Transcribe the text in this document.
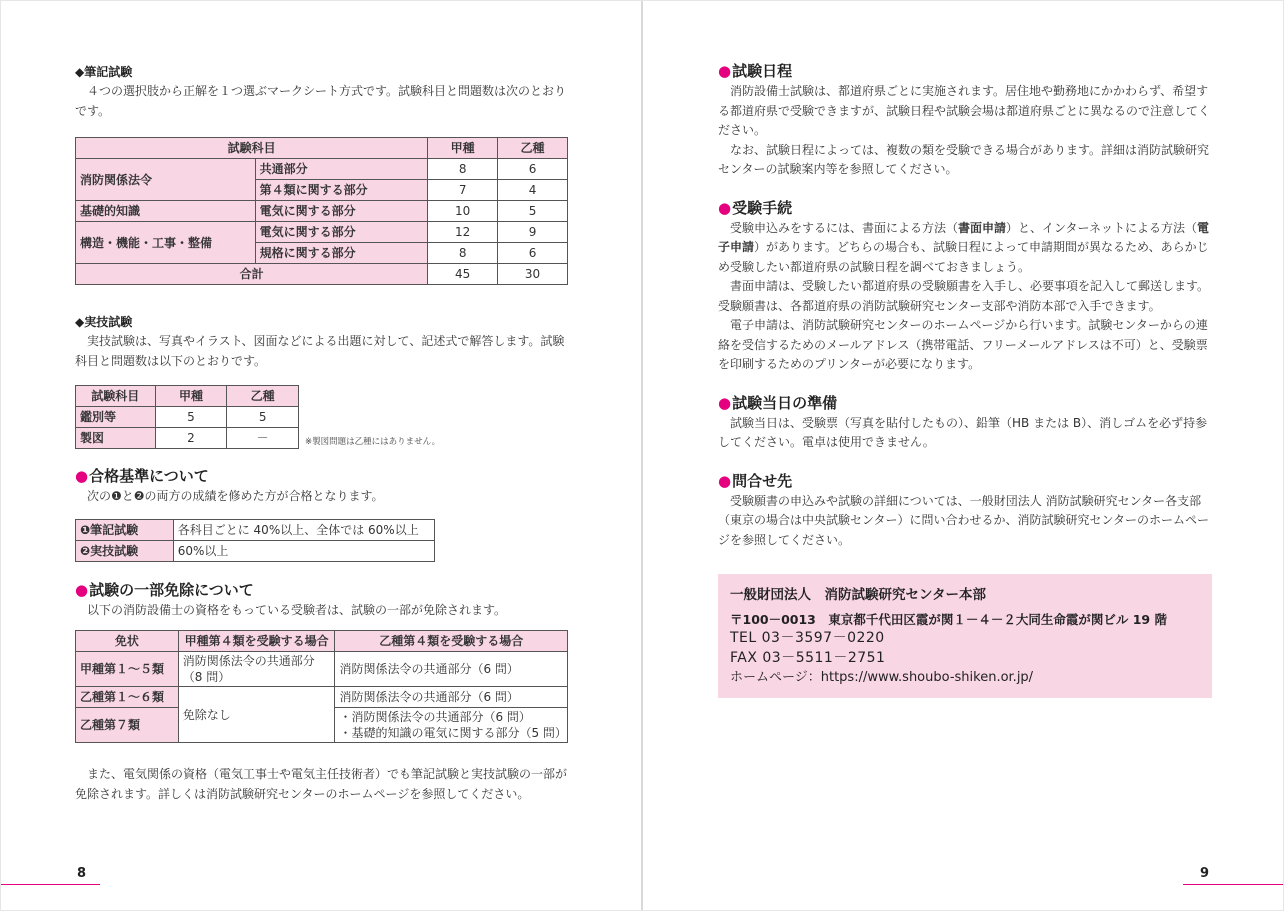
◆筆記試験

４つの選択肢から正解を１つ選ぶマークシート方式です。試験科目と問題数は次のとおりです。

試験科目		甲種	乙種
消防関係法令	共通部分	8	6
	第４類に関する部分	7	4
基礎的知識	電気に関する部分	10	5
構造・機能・工事・整備	電気に関する部分	12	9
	規格に関する部分	8	6
合計		45	30

◆実技試験

実技試験は、写真やイラスト、図面などによる出題に対して、記述式で解答します。試験科目と問題数は以下のとおりです。

試験科目	甲種	乙種
鑑別等	5	5
製図	2	－	※製図問題は乙種にはありません。

●合格基準について

次の❶と❷の両方の成績を修めた方が合格となります。

❶筆記試験	各科目ごとに 40%以上、全体では 60%以上
❷実技試験	60%以上

●試験の一部免除について

以下の消防設備士の資格をもっている受験者は、試験の一部が免除されます。

免状	甲種第４類を受験する場合	乙種第４類を受験する場合
甲種第１～５類	消防関係法令の共通部分（8 問）	消防関係法令の共通部分（6 問）
乙種第１～６類	免除なし	消防関係法令の共通部分（6 問）
乙種第７類		・消防関係法令の共通部分（6 問）
・基礎的知識の電気に関する部分（5 問）

また、電気関係の資格（電気工事士や電気主任技術者）でも筆記試験と実技試験の一部が免除されます。詳しくは消防試験研究センターのホームページを参照してください。

8

●試験日程

消防設備士試験は、都道府県ごとに実施されます。居住地や勤務地にかかわらず、希望する都道府県で受験できますが、試験日程や試験会場は都道府県ごとに異なるので注意してください。

なお、試験日程によっては、複数の類を受験できる場合があります。詳細は消防試験研究センターの試験案内等を参照してください。

●受験手続

受験申込みをするには、書面による方法（書面申請）と、インターネットによる方法（電子申請）があります。どちらの場合も、試験日程によって申請期間が異なるため、あらかじめ受験したい都道府県の試験日程を調べておきましょう。

書面申請は、受験したい都道府県の受験願書を入手し、必要事項を記入して郵送します。受験願書は、各都道府県の消防試験研究センター支部や消防本部で入手できます。

電子申請は、消防試験研究センターのホームページから行います。試験センターからの連絡を受信するためのメールアドレス（携帯電話、フリーメールアドレスは不可）と、受験票を印刷するためのプリンターが必要になります。

●試験当日の準備

試験当日は、受験票（写真を貼付したもの）、鉛筆（HB または B）、消しゴムを必ず持参してください。電卓は使用できません。

●問合せ先

受験願書の申込みや試験の詳細については、一般財団法人 消防試験研究センター各支部（東京の場合は中央試験センター）に問い合わせるか、消防試験研究センターのホームページを参照してください。

一般財団法人　消防試験研究センター本部
〒100－0013　東京都千代田区霞が関１－４－２大同生命霞が関ビル 19 階
TEL 03－3597－0220
FAX 03－5511－2751
ホームページ：https://www.shoubo-shiken.or.jp/
9
